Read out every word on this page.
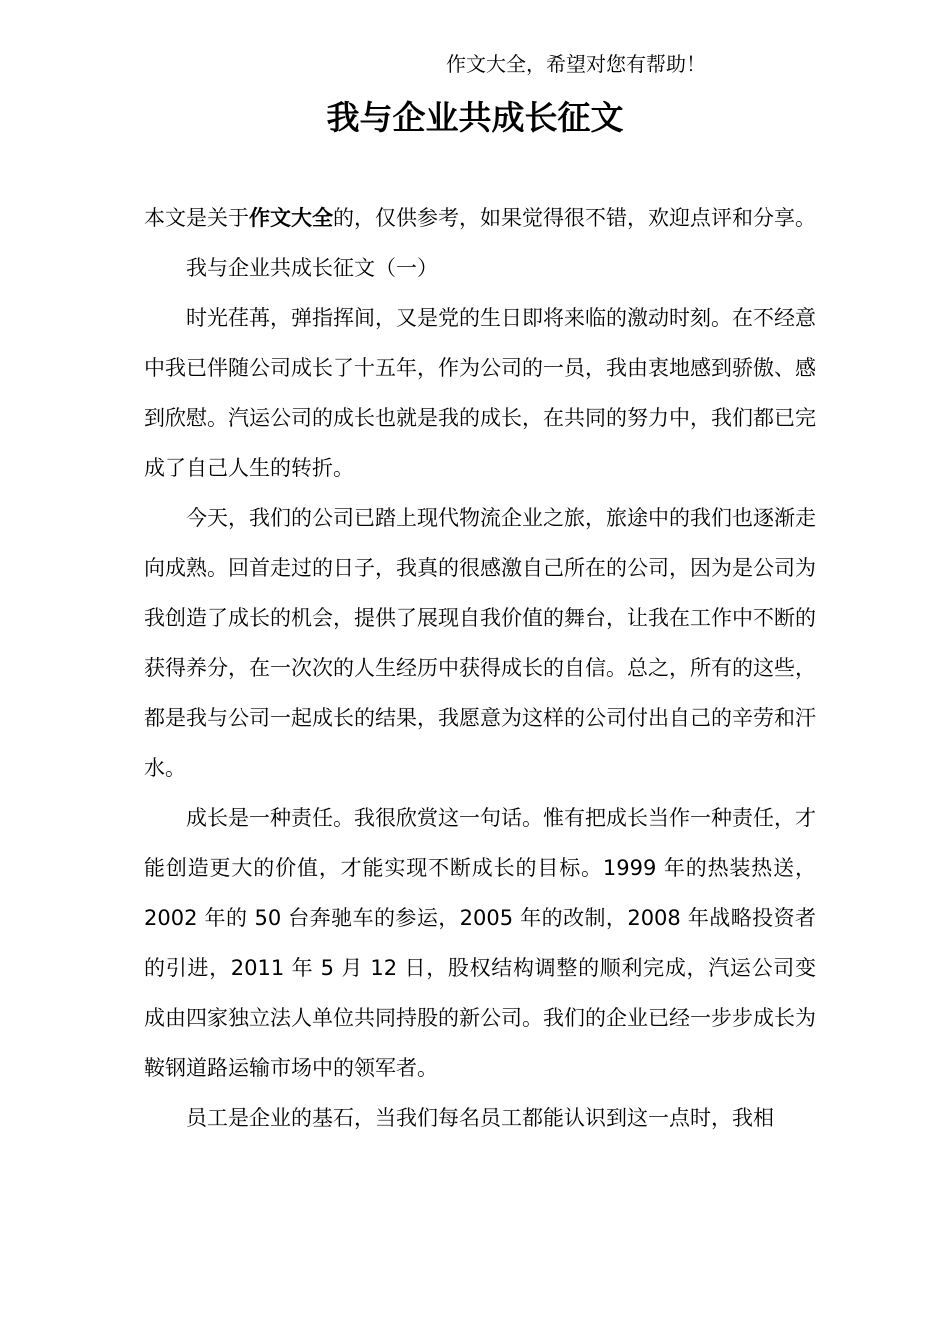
作文大全，希望对您有帮助！
我与企业共成长征文

本文是关于作文大全的，仅供参考，如果觉得很不错，欢迎点评和分享。

我与企业共成长征文（一）

时光荏苒，弹指挥间，又是党的生日即将来临的激动时刻。在不经意中我已伴随公司成长了十五年，作为公司的一员，我由衷地感到骄傲、感到欣慰。汽运公司的成长也就是我的成长，在共同的努力中，我们都已完成了自己人生的转折。

今天，我们的公司已踏上现代物流企业之旅，旅途中的我们也逐渐走向成熟。回首走过的日子，我真的很感激自己所在的公司，因为是公司为我创造了成长的机会，提供了展现自我价值的舞台，让我在工作中不断的获得养分，在一次次的人生经历中获得成长的自信。总之，所有的这些，都是我与公司一起成长的结果，我愿意为这样的公司付出自己的辛劳和汗水。

成长是一种责任。我很欣赏这一句话。惟有把成长当作一种责任，才能创造更大的价值，才能实现不断成长的目标。1999 年的热装热送，2002 年的 50 台奔驰车的参运，2005 年的改制，2008 年战略投资者的引进，2011 年 5 月 12 日，股权结构调整的顺利完成，汽运公司变成由四家独立法人单位共同持股的新公司。我们的企业已经一步步成长为鞍钢道路运输市场中的领军者。

员工是企业的基石，当我们每名员工都能认识到这一点时，我相
